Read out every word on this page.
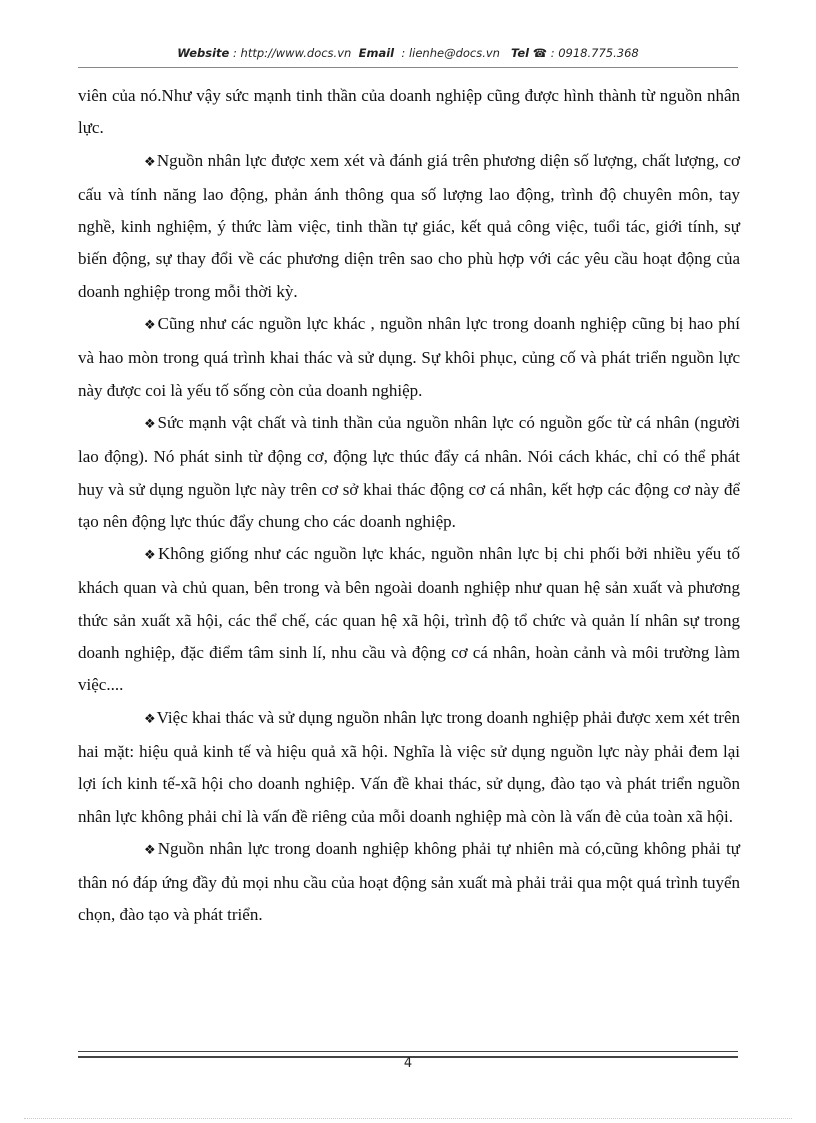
Website : http://www.docs.vn Email  : lienhe@docs.vn Tel ☎ : 0918.775.368

viên của nó.Như vậy sức mạnh tinh thần của doanh nghiệp cũng được hình thành từ nguồn nhân lực.

❖Nguồn nhân lực được xem xét và đánh giá trên phương diện số lượng, chất lượng, cơ cấu và tính năng lao động, phản ánh thông qua số lượng lao động, trình độ chuyên môn, tay nghề, kinh nghiệm, ý thức làm việc, tinh thần tự giác, kết quả công việc, tuổi tác, giới tính, sự biến động, sự thay đổi về các phương diện trên sao cho phù hợp với các yêu cầu hoạt động của doanh nghiệp trong mỗi thời kỳ.

❖Cũng như các nguồn lực khác , nguồn nhân lực trong doanh nghiệp cũng bị hao phí và hao mòn trong quá trình khai thác và sử dụng. Sự khôi phục, củng cố và phát triển nguồn lực này được coi là yếu tố sống còn của doanh nghiệp.

❖Sức mạnh vật chất và tinh thần của nguồn nhân lực có nguồn gốc từ cá nhân (người lao động). Nó phát sinh từ động cơ, động lực thúc đẩy cá nhân. Nói cách khác, chỉ có thể phát huy và sử dụng nguồn lực này trên cơ sở khai thác động cơ cá nhân, kết hợp các động cơ này để tạo nên động lực thúc đẩy chung cho các doanh nghiệp.

❖Không giống như các nguồn lực khác, nguồn nhân lực bị chi phối bởi nhiều yếu tố khách quan và chủ quan, bên trong và bên ngoài doanh nghiệp như quan hệ sản xuất và phương thức sản xuất xã hội, các thể chế, các quan hệ xã hội, trình độ tổ chức và quản lí nhân sự trong doanh nghiệp, đặc điểm tâm sinh lí, nhu cầu và động cơ cá nhân, hoàn cảnh và môi trường làm việc....

❖Việc khai thác và sử dụng nguồn nhân lực trong doanh nghiệp phải được xem xét trên hai mặt: hiệu quả kinh tế và hiệu quả xã hội. Nghĩa là việc sử dụng nguồn lực này phải đem lại lợi ích kinh tế-xã hội cho doanh nghiệp. Vấn đề khai thác, sử dụng, đào tạo và phát triển nguồn nhân lực không phải chỉ là vấn đề riêng của mỗi doanh nghiệp mà còn là vấn đè của toàn xã hội.

❖Nguồn nhân lực trong doanh nghiệp không phải tự nhiên mà có,cũng không phải tự thân nó đáp ứng đầy đủ mọi nhu cầu của hoạt động sản xuất mà phải trải qua một quá trình tuyển chọn, đào tạo và phát triển.

4
